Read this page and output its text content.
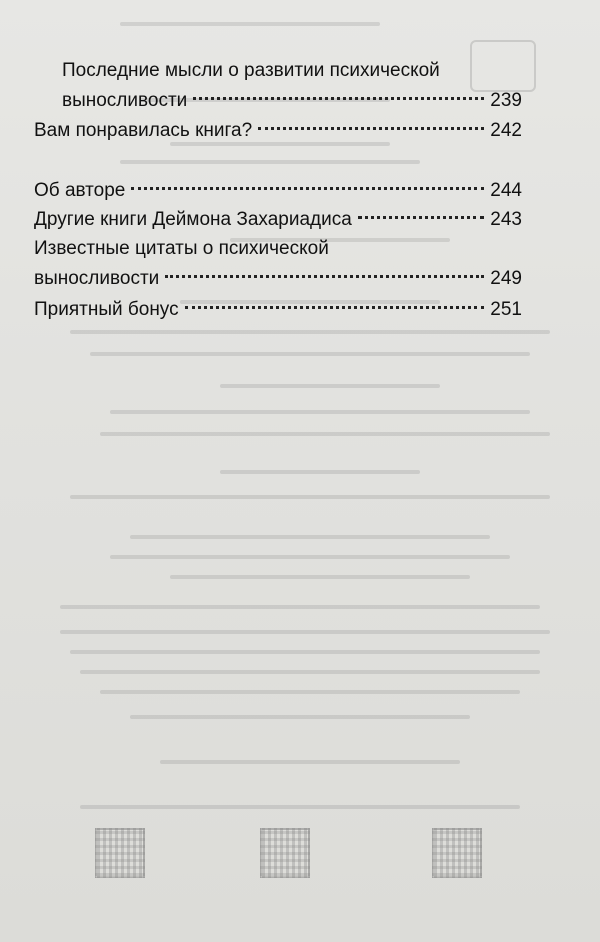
Последние мысли о развитии психической
выносливости	239
Вам понравилась книга?	242
Об авторе	244
Другие книги Деймона Захариадиса	243
Известные цитаты о психической
выносливости	249
Приятный бонус	251
